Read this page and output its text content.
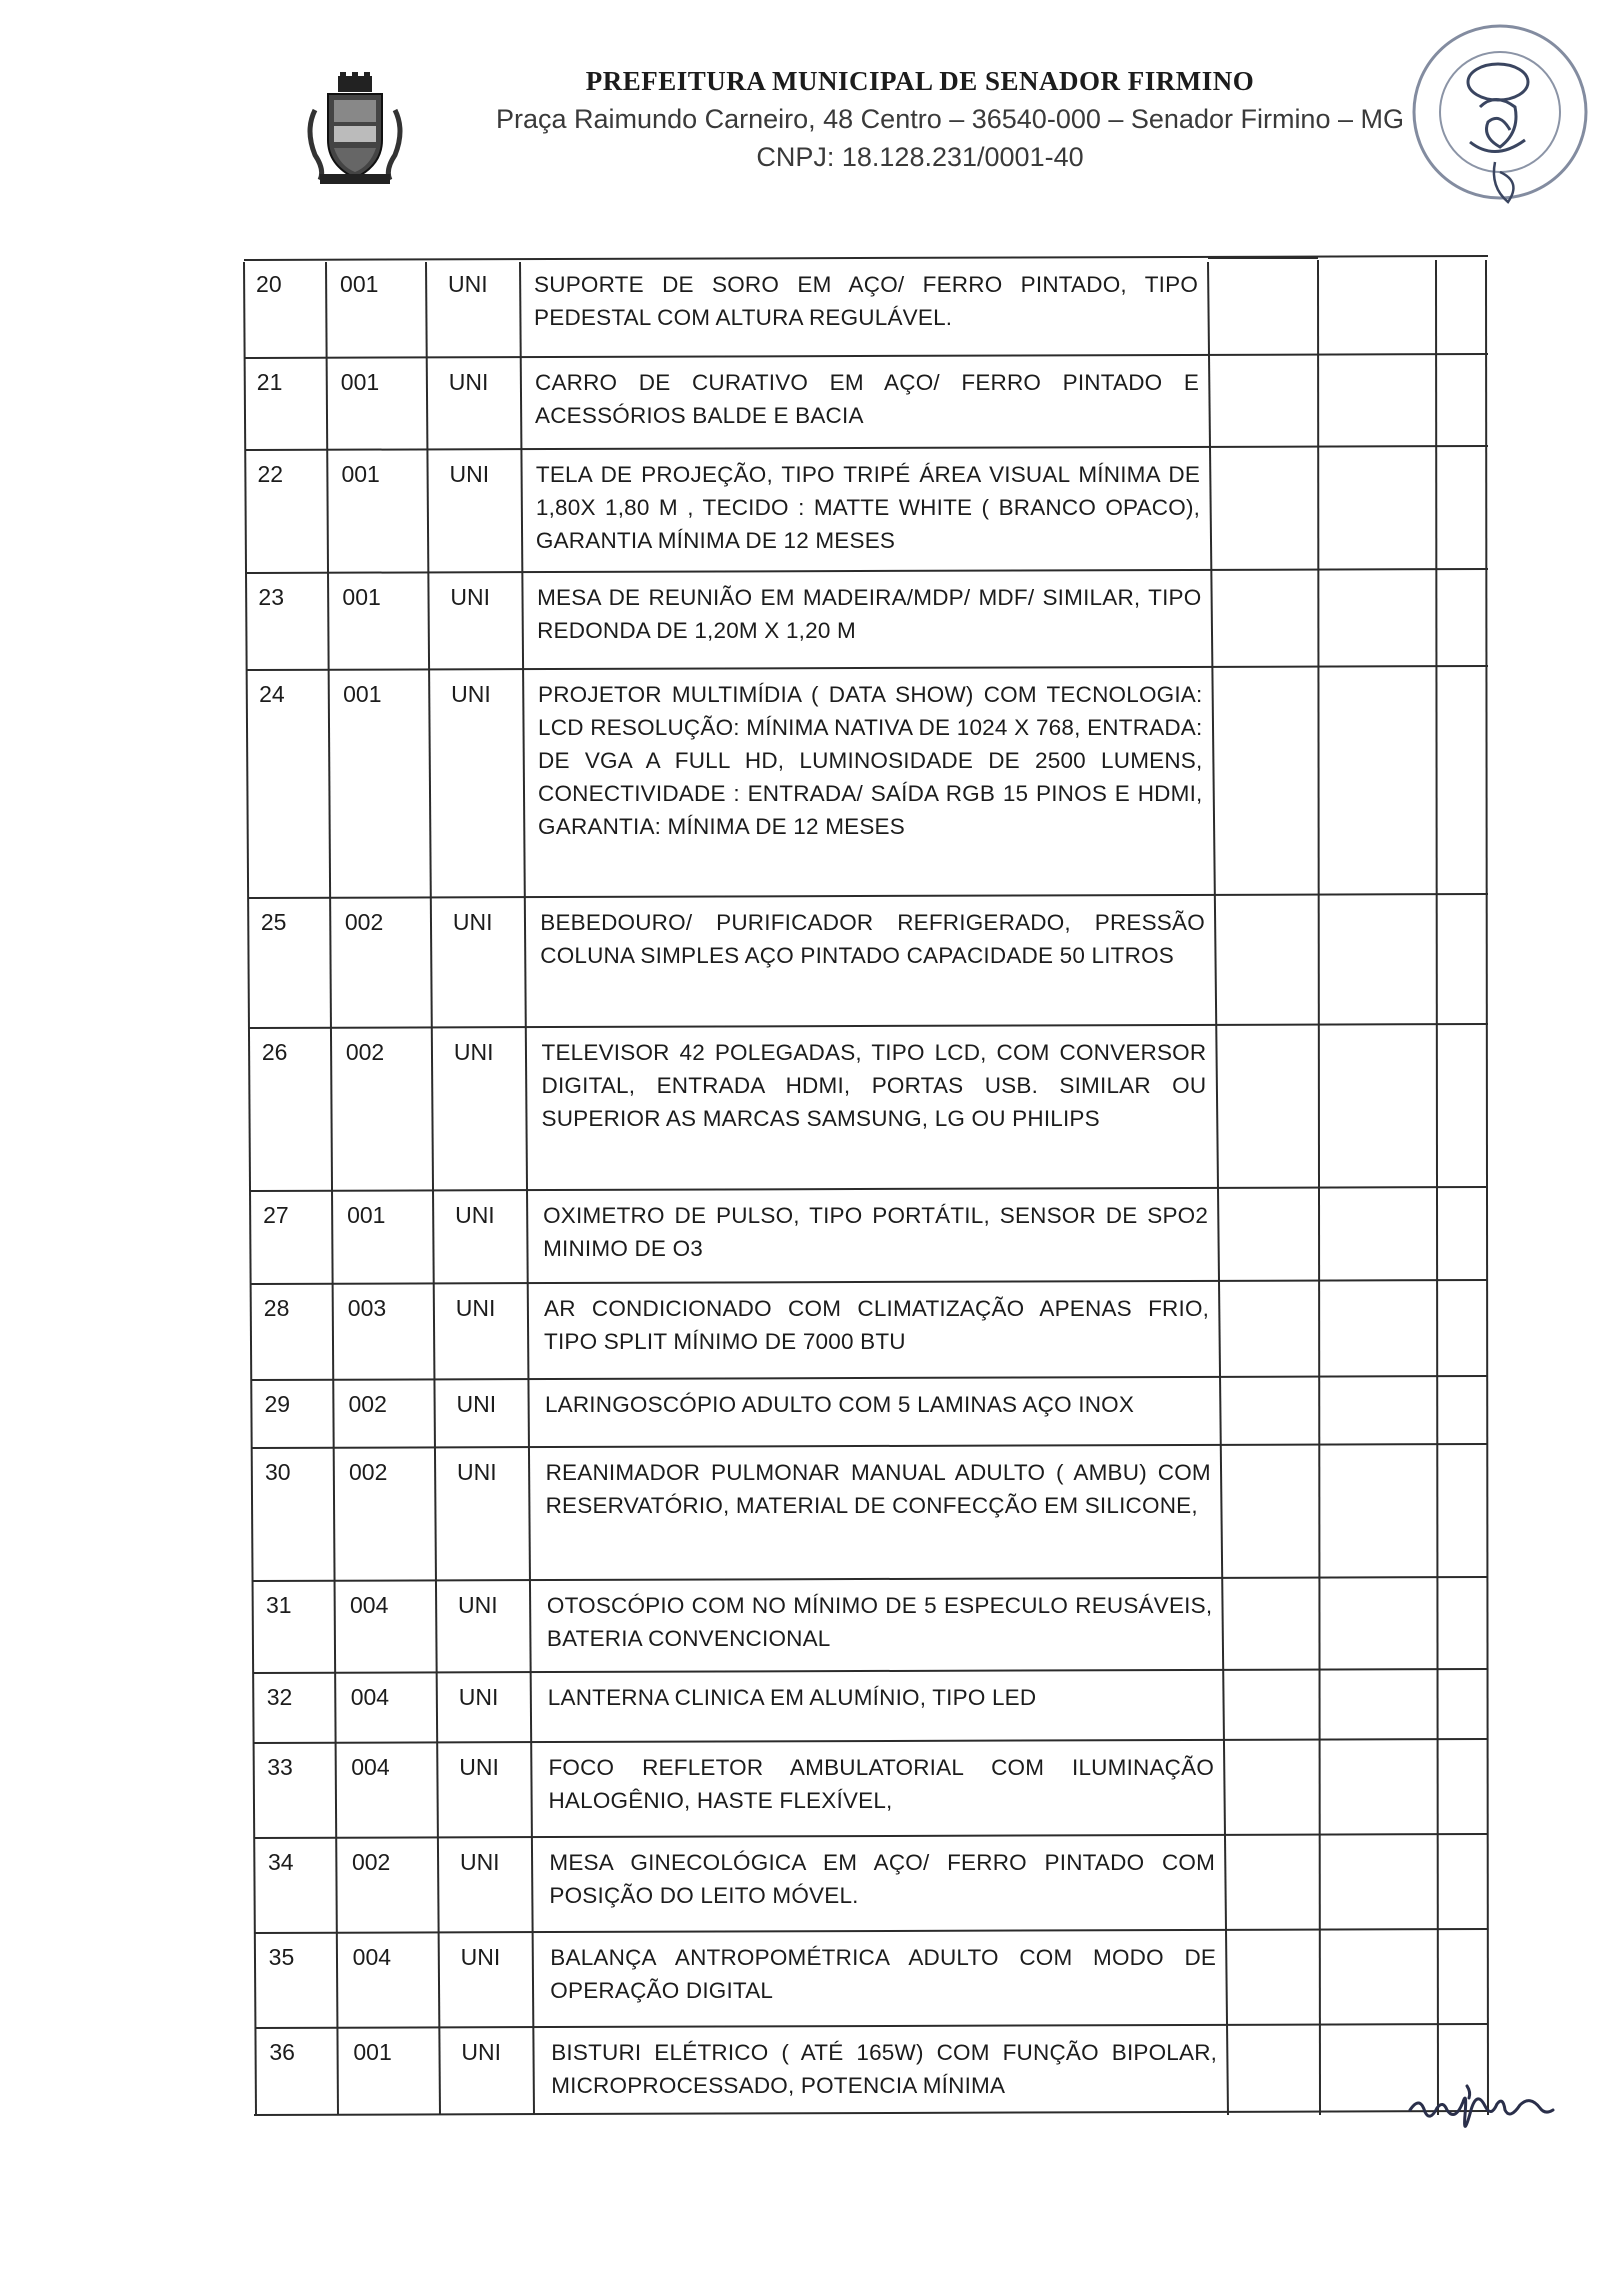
PREFEITURA MUNICIPAL DE SENADOR FIRMINO
Praça Raimundo Carneiro, 48 Centro – 36540-000 – Senador Firmino – MG
CNPJ: 18.128.231/0001-40
20	001	UNI SUPORTE DE SORO EM AÇO/ FERRO PINTADO, TIPO PEDESTAL COM ALTURA REGULÁVEL.
21	001	UNI CARRO DE CURATIVO EM AÇO/ FERRO PINTADO E ACESSÓRIOS BALDE E BACIA
22	001	UNI TELA DE PROJEÇÃO, TIPO TRIPÉ ÁREA VISUAL MÍNIMA DE 1,80X 1,80 M , TECIDO : MATTE WHITE ( BRANCO OPACO), GARANTIA MÍNIMA DE 12 MESES
23	001	UNI MESA DE REUNIÃO EM MADEIRA/MDP/ MDF/ SIMILAR, TIPO REDONDA DE 1,20M X 1,20 M
24	001	UNI PROJETOR MULTIMÍDIA ( DATA SHOW) COM TECNOLOGIA: LCD RESOLUÇÃO: MÍNIMA NATIVA DE 1024 X 768, ENTRADA: DE VGA A FULL HD, LUMINOSIDADE DE 2500 LUMENS, CONECTIVIDADE : ENTRADA/ SAÍDA RGB 15 PINOS E HDMI, GARANTIA: MÍNIMA DE 12 MESES
25	002	UNI BEBEDOURO/ PURIFICADOR REFRIGERADO, PRESSÃO COLUNA SIMPLES AÇO PINTADO CAPACIDADE 50 LITROS
26	002	UNI TELEVISOR 42 POLEGADAS, TIPO LCD, COM CONVERSOR DIGITAL, ENTRADA HDMI, PORTAS USB. SIMILAR OU SUPERIOR AS MARCAS SAMSUNG, LG OU PHILIPS
27	001	UNI OXIMETRO DE PULSO, TIPO PORTÁTIL, SENSOR DE SPO2 MINIMO DE O3
28	003	UNI AR CONDICIONADO COM CLIMATIZAÇÃO APENAS FRIO, TIPO SPLIT MÍNIMO DE 7000 BTU
29	002	UNI LARINGOSCÓPIO ADULTO COM 5 LAMINAS AÇO INOX
30	002	UNI REANIMADOR PULMONAR MANUAL ADULTO ( AMBU) COM RESERVATÓRIO, MATERIAL DE CONFECÇÃO EM SILICONE,
31	004	UNI OTOSCÓPIO COM NO MÍNIMO DE 5 ESPECULO REUSÁVEIS, BATERIA CONVENCIONAL
32	004	UNI LANTERNA CLINICA EM ALUMÍNIO, TIPO LED
33	004	UNI FOCO REFLETOR AMBULATORIAL COM ILUMINAÇÃO HALOGÊNIO, HASTE FLEXÍVEL,
34	002	UNI MESA GINECOLÓGICA EM AÇO/ FERRO PINTADO COM POSIÇÃO DO LEITO MÓVEL.
35	004	UNI BALANÇA ANTROPOMÉTRICA ADULTO COM MODO DE OPERAÇÃO DIGITAL
36	001	UNI BISTURI ELÉTRICO ( ATÉ 165W) COM FUNÇÃO BIPOLAR, MICROPROCESSADO, POTENCIA MÍNIMA
